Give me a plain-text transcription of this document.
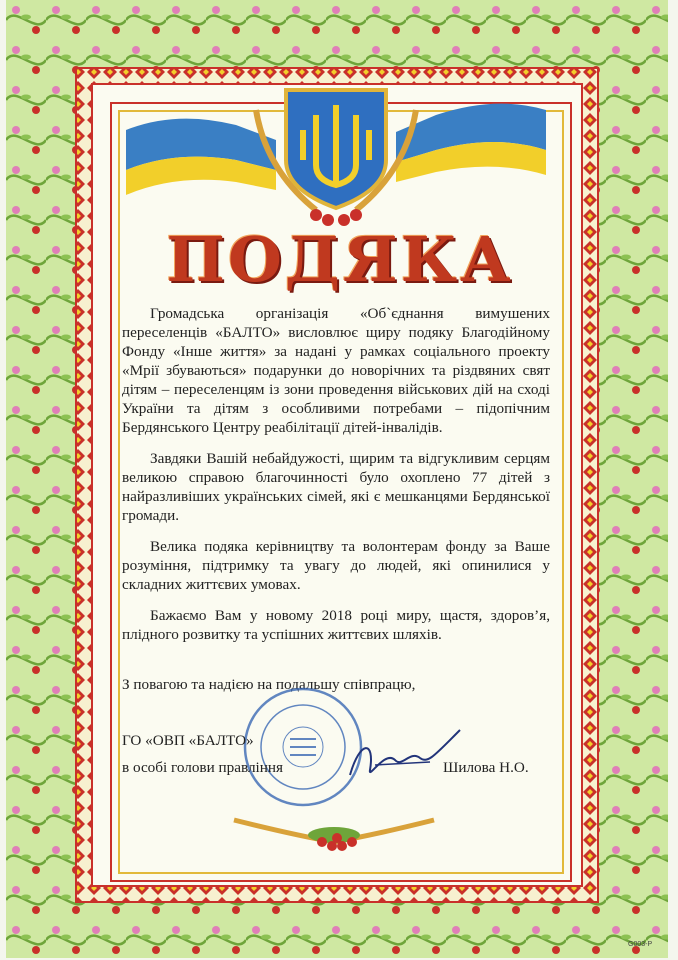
ПОДЯКА

Громадська організація «Об`єднання вимушених переселенців «БАЛТО» висловлює щиру подяку Благодійному Фонду «Інше життя» за надані у рамках соціального проекту «Мрії збуваються» подарунки до новорічних та різдвяних свят дітям – переселенцям із зони проведення військових дій на сході України та дітям з особливими потребами – підопічним Бердянського Центру реабілітації дітей-інвалідів.

Завдяки Вашій небайдужості, щирим та відгукливим серцям великою справою благочинності було охоплено 77 дітей з найразливіших українських сімей, які є мешканцями Бердянської громади.

Велика подяка керівництву та волонтерам фонду за Ваше розуміння, підтримку та увагу до людей, які опинилися у складних життєвих умовах.

Бажаємо Вам у новому 2018 році миру, щастя, здоров’я, плідного розвитку та успішних життєвих шляхів.

З повагою та надією на подальшу співпрацю,
ГО «ОВП «БАЛТО»
в особі голови правління	Шилова Н.О.
G003-P
